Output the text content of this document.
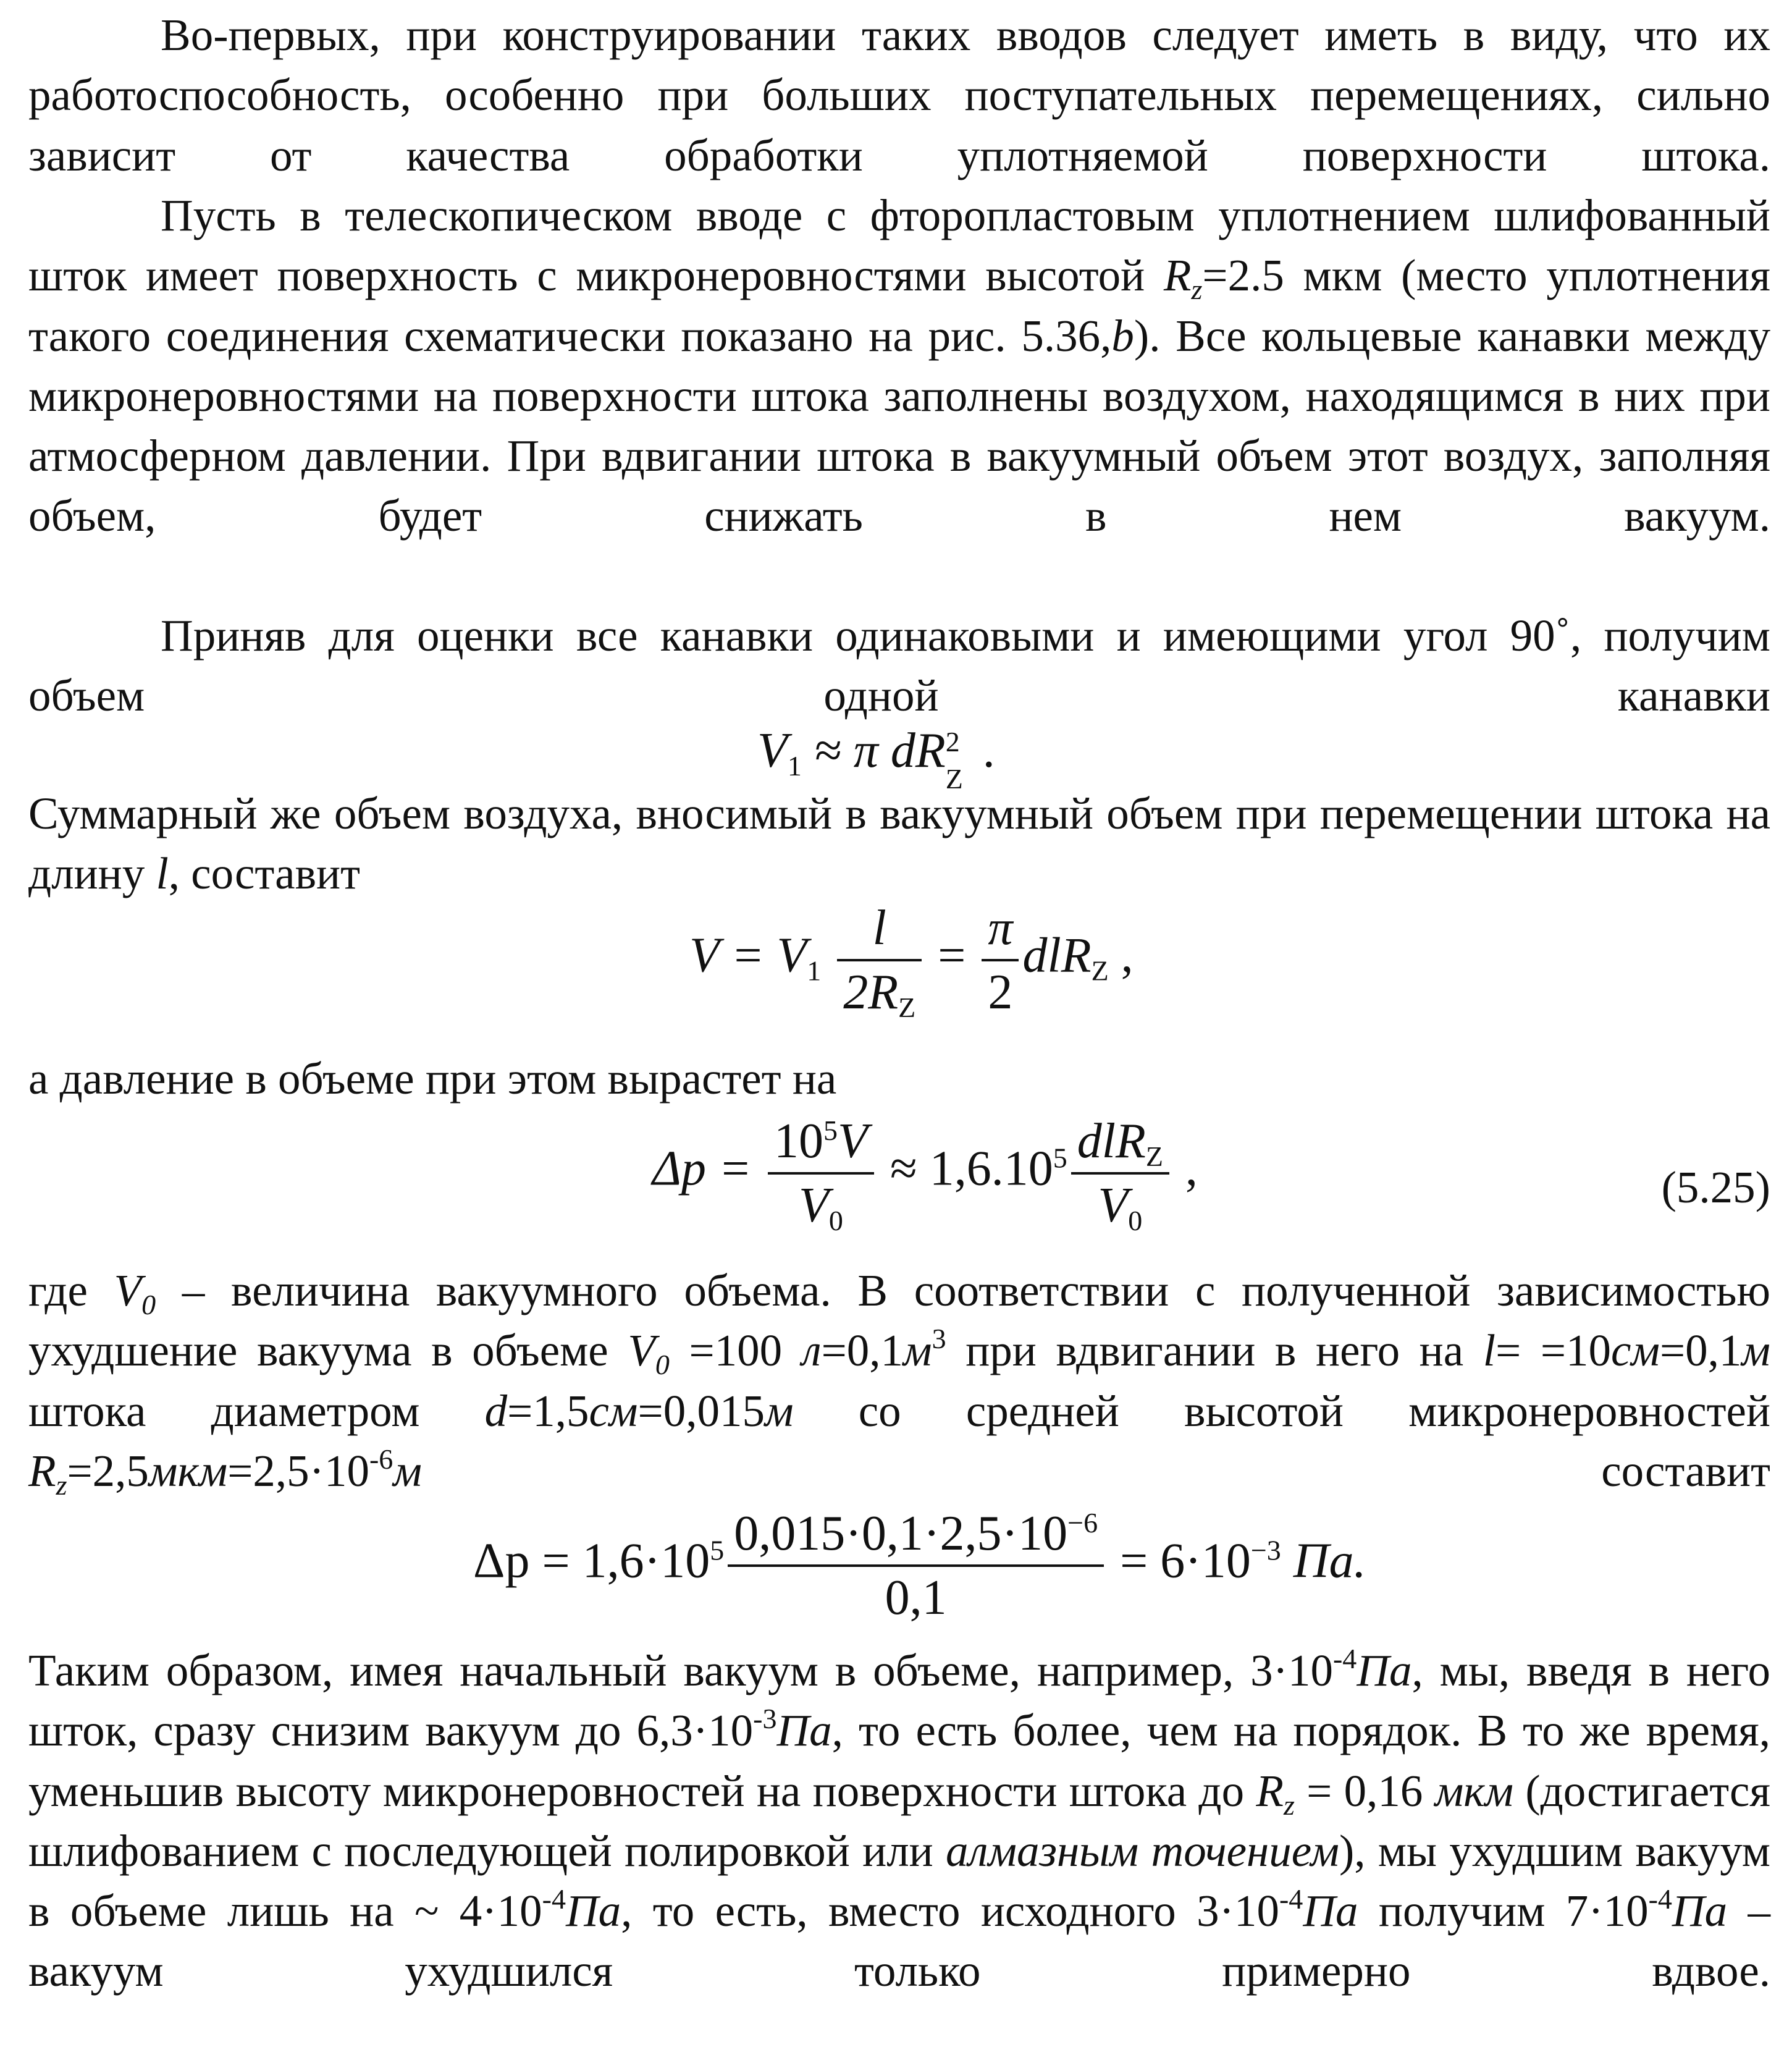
Во-первых, при конструировании таких вводов следует иметь в виду, что их работоспособность, особенно при больших поступательных перемещениях, сильно зависит от качества обработки уплотняемой поверхности штока.

Пусть в телескопическом вводе с фторопластовым уплотнением шлифованный шток имеет поверхность с микронеровностями высотой $R_z=2.5$ мкм (место уплотнения такого соединения схематически показано на рис. 5.36,b). Все кольцевые канавки между микронеровностями на поверхности штока заполнены воздухом, находящимся в них при атмосферном давлении. При вдвигании штока в вакуумный объем этот воздух, заполняя объем, будет снижать в нем вакуум.

Приняв для оценки все канавки одинаковыми и имеющими угол 90˚, получим объем одной канавки

$V_1 \approx \pi$ dR 2
Z
.

Суммарный же объем воздуха, вносимый в вакуумный объем при перемещении штока на длину l, составит

$V = V_1 \frac{l}{2R_Z} = \frac{\pi}{2} dlR_Z$ ,

а давление в объеме при этом вырастет на

$\Delta p = \frac{10^5V}{V_0} \approx 1,6.10^5 \frac{dlR_Z}{V_0}$ ,	(5.25)

где $V_0$ – величина вакуумного объема. В соответствии с полученной зависимостью ухудшение вакуума в объеме $V_0 =100$ $л=0,1м^3$ при вдвигании в него на l= =10см=0,1м штока диаметром d=1,5см=0,015м со средней высотой микронеровностей $R_z=2,5мкм=2,5\cdot 10^{-6}м$ составит

$\Delta p = 1,6\cdot 10^5 \frac{0,015\cdot 0,1\cdot 2,5\cdot 10^{-6}}{0,1} = 6\cdot 10^{-3}$ Па.

Таким образом, имея начальный вакуум в объеме, например, $3\cdot 10^{-4}Па$, мы, введя в него шток, сразу снизим вакуум до $6,3\cdot 10^{-3}Па$, то есть более, чем на порядок. В то же время, уменьшив высоту микронеровностей на поверхности штока до $R_z = 0,16$ мкм (достигается шлифованием с последующей полировкой или алмазным точением), мы ухудшим вакуум в объеме лишь на ~ $4\cdot 10^{-4}Па$, то есть, вместо исходного $3\cdot 10^{-4}Па$ получим $7\cdot 10^{-4}Па$ – вакуум ухудшился только примерно вдвое.
